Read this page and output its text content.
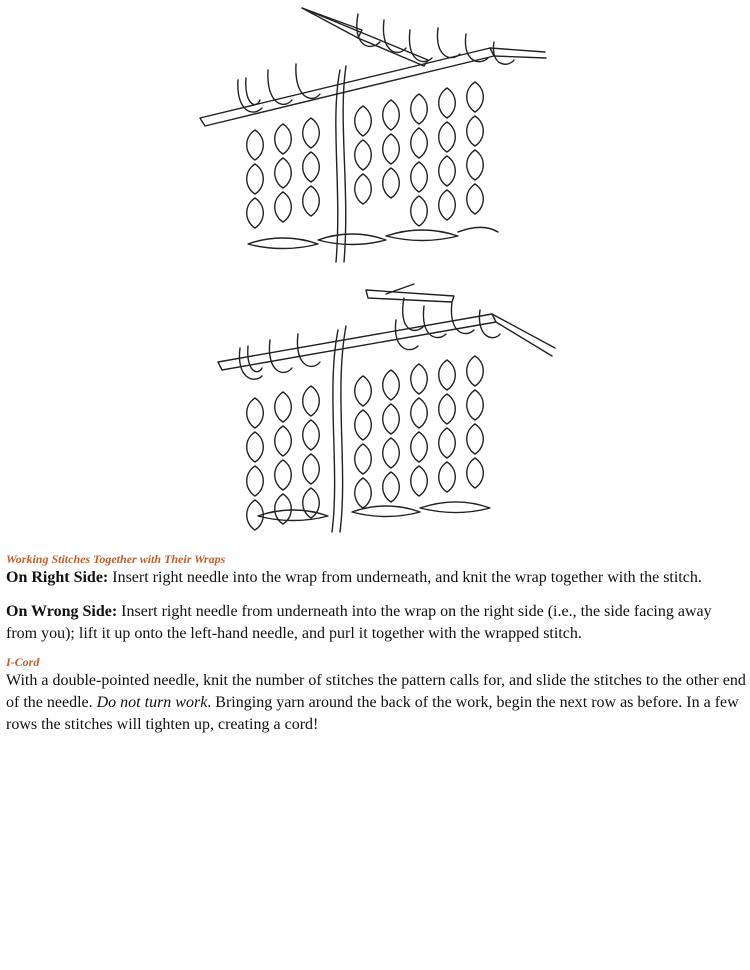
Working Stitches Together with Their Wraps

On Right Side: Insert right needle into the wrap from underneath, and knit the wrap together with the stitch.

On Wrong Side: Insert right needle from underneath into the wrap on the right side (i.e., the side facing away from you); lift it up onto the left-hand needle, and purl it together with the wrapped stitch.

I-Cord

With a double-pointed needle, knit the number of stitches the pattern calls for, and slide the stitches to the other end of the needle. Do not turn work. Bringing yarn around the back of the work, begin the next row as before. In a few rows the stitches will tighten up, creating a cord!
